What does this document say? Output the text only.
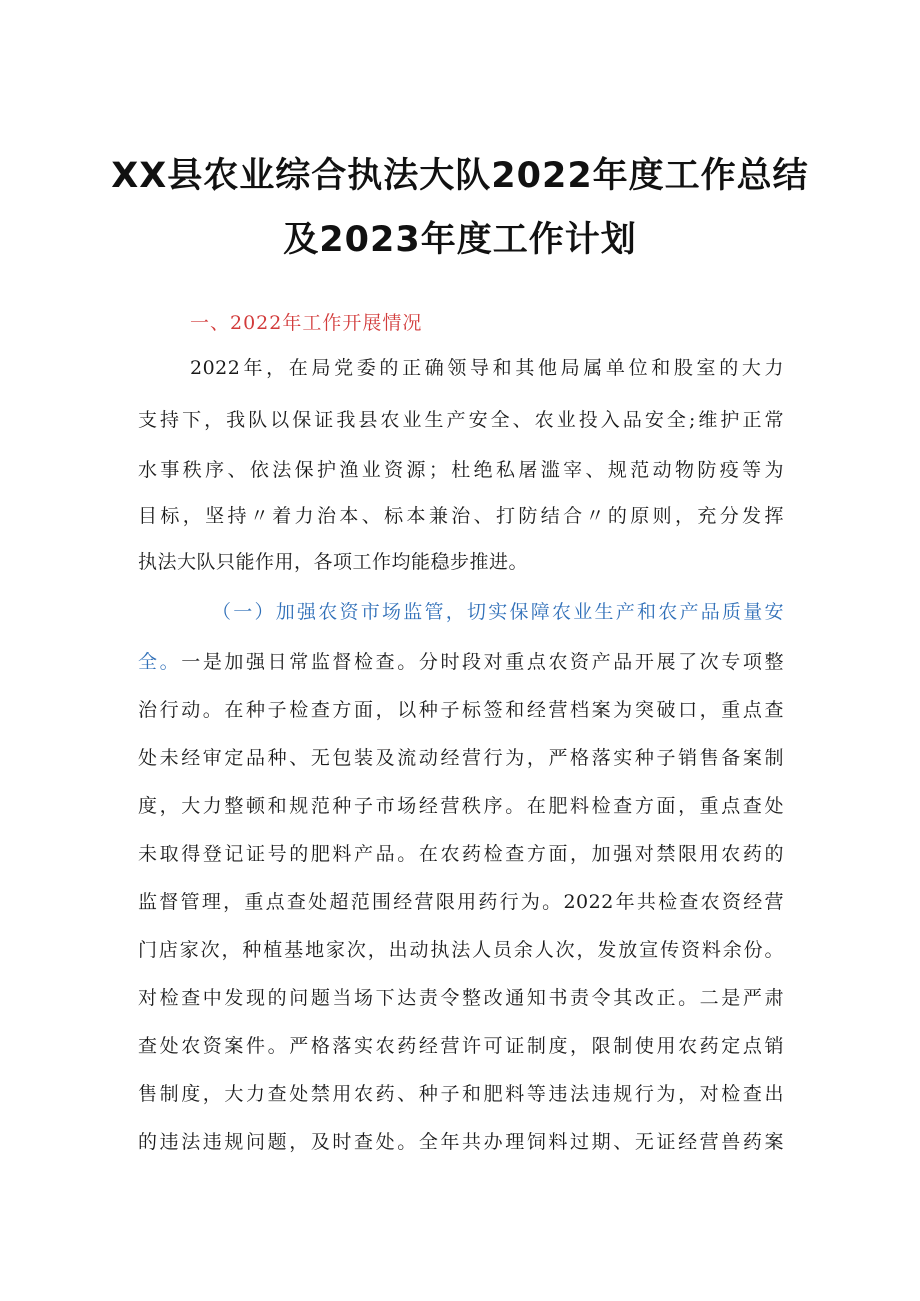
XX县农业综合执法大队2022年度工作总结
及2023年度工作计划
一、2022年工作开展情况
2022年，在局党委的正确领导和其他局属单位和股室的大力
支持下，我队以保证我县农业生产安全、农业投入品安全;维护正常
水事秩序、依法保护渔业资源；杜绝私屠滥宰、规范动物防疫等为
目标，坚持〃着力治本、标本兼治、打防结合〃的原则，充分发挥
执法大队只能作用，各项工作均能稳步推进。
（一）加强农资市场监管，切实保障农业生产和农产品质量安
全。一是加强日常监督检查。分时段对重点农资产品开展了次专项整
治行动。在种子检查方面，以种子标签和经营档案为突破口，重点查
处未经审定品种、无包装及流动经营行为，严格落实种子销售备案制
度，大力整顿和规范种子市场经营秩序。在肥料检查方面，重点查处
未取得登记证号的肥料产品。在农药检查方面，加强对禁限用农药的
监督管理，重点查处超范围经营限用药行为。2022年共检查农资经营
门店家次，种植基地家次，出动执法人员余人次，发放宣传资料余份。
对检查中发现的问题当场下达责令整改通知书责令其改正。二是严肃
查处农资案件。严格落实农药经营许可证制度，限制使用农药定点销
售制度，大力查处禁用农药、种子和肥料等违法违规行为，对检查出
的违法违规问题，及时查处。全年共办理饲料过期、无证经营兽药案
